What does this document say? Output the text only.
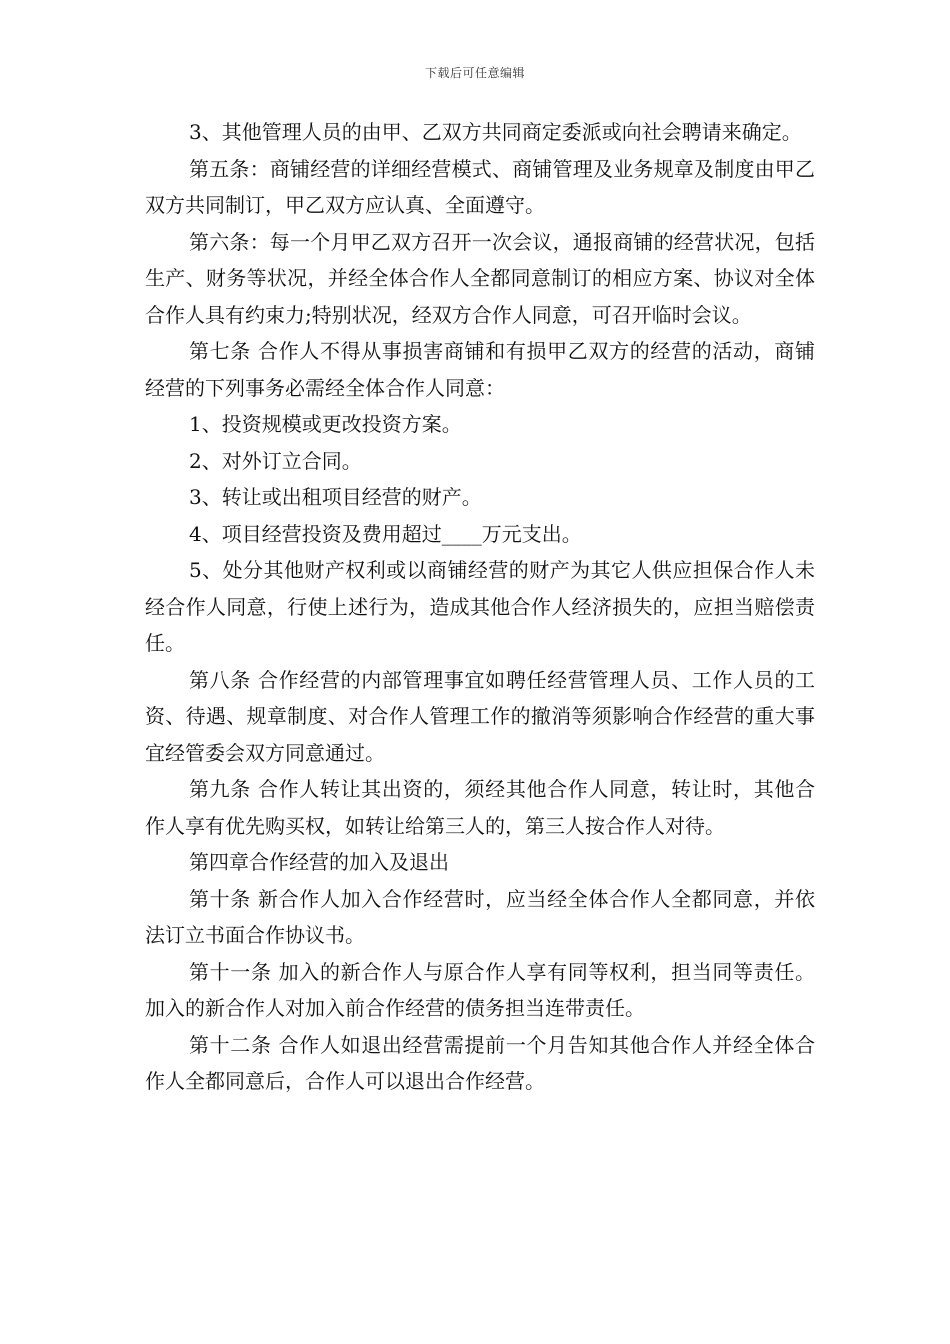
下载后可任意编辑

3、其他管理人员的由甲、乙双方共同商定委派或向社会聘请来确定。

第五条：商铺经营的详细经营模式、商铺管理及业务规章及制度由甲乙双方共同制订，甲乙双方应认真、全面遵守。

第六条：每一个月甲乙双方召开一次会议，通报商铺的经营状况，包括生产、财务等状况，并经全体合作人全都同意制订的相应方案、协议对全体合作人具有约束力;特别状况，经双方合作人同意，可召开临时会议。

第七条 合作人不得从事损害商铺和有损甲乙双方的经营的活动，商铺经营的下列事务必需经全体合作人同意：

1、投资规模或更改投资方案。

2、对外订立合同。

3、转让或出租项目经营的财产。

4、项目经营投资及费用超过____万元支出。

5、处分其他财产权利或以商铺经营的财产为其它人供应担保合作人未经合作人同意，行使上述行为，造成其他合作人经济损失的，应担当赔偿责任。

第八条 合作经营的内部管理事宜如聘任经营管理人员、工作人员的工资、待遇、规章制度、对合作人管理工作的撤消等须影响合作经营的重大事宜经管委会双方同意通过。

第九条 合作人转让其出资的，须经其他合作人同意，转让时，其他合作人享有优先购买权，如转让给第三人的，第三人按合作人对待。

第四章合作经营的加入及退出

第十条 新合作人加入合作经营时，应当经全体合作人全都同意，并依法订立书面合作协议书。

第十一条 加入的新合作人与原合作人享有同等权利，担当同等责任。加入的新合作人对加入前合作经营的债务担当连带责任。

第十二条 合作人如退出经营需提前一个月告知其他合作人并经全体合作人全都同意后，合作人可以退出合作经营。
